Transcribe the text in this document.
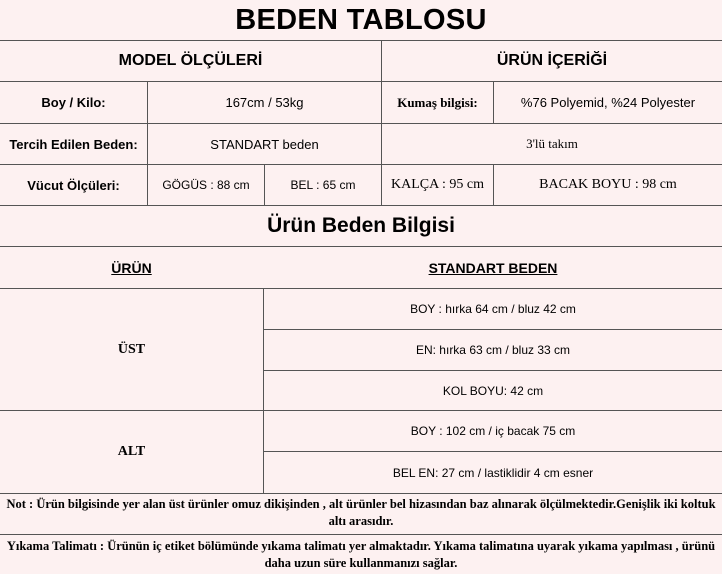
BEDEN TABLOSU
MODEL ÖLÇÜLERİ	ÜRÜN İÇERİĞİ
Boy / Kilo:	167cm / 53kg	Kumaş bilgisi:	%76 Polyemid, %24 Polyester
Tercih Edilen Beden:	STANDART beden	3'lü takım
Vücut Ölçüleri:	GÖGÜS : 88 cm	BEL : 65 cm	KALÇA : 95 cm	BACAK BOYU : 98 cm
Ürün Beden Bilgisi
ÜRÜN	STANDART BEDEN
ÜST
BOY : hırka 64 cm / bluz 42 cm
EN: hırka 63 cm / bluz 33 cm
KOL BOYU: 42 cm
ALT
BOY : 102 cm / iç bacak 75 cm
BEL EN: 27 cm / lastiklidir 4 cm esner
Not : Ürün bilgisinde yer alan üst ürünler omuz dikişinden , alt ürünler bel hizasından baz alınarak ölçülmektedir.Genişlik iki koltuk altı arasıdır.
Yıkama Talimatı : Ürünün iç etiket bölümünde yıkama talimatı yer almaktadır. Yıkama talimatına uyarak yıkama yapılması , ürünü daha uzun süre kullanmanızı sağlar.
